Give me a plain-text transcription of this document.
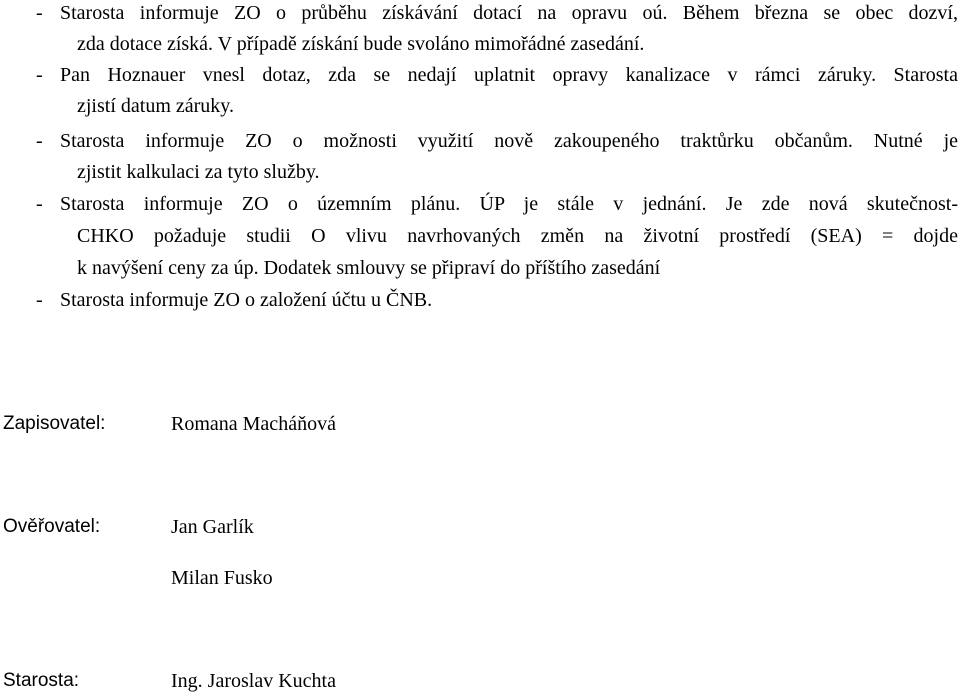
- Starosta informuje ZO o průběhu získávání dotací na opravu oú. Během března se obec dozví,
zda dotace získá. V případě získání bude svoláno mimořádné zasedání.
- Pan Hoznauer vnesl dotaz, zda se nedají uplatnit opravy kanalizace v rámci záruky. Starosta
zjistí datum záruky.
- Starosta informuje ZO o možnosti využití nově zakoupeného traktůrku občanům. Nutné je
zjistit kalkulaci za tyto služby.
- Starosta informuje ZO o územním plánu. ÚP je stále v jednání. Je zde nová skutečnost-
CHKO požaduje studii O vlivu navrhovaných změn na životní prostředí (SEA) = dojde
k navýšení ceny za úp. Dodatek smlouvy se připraví do příštího zasedání
- Starosta informuje ZO o založení účtu u ČNB.
Zapisovatel:	Romana Macháňová
Ověřovatel:	Jan Garlík
Milan Fusko
Starosta:	Ing. Jaroslav Kuchta
